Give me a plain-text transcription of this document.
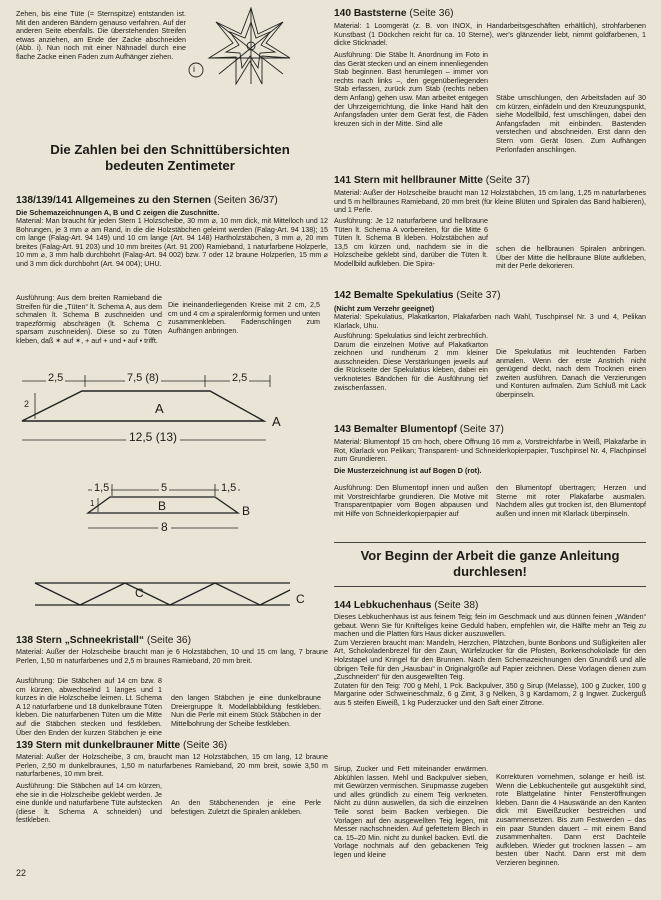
Zehen, bis eine Tüte (= Sternspitze) entstanden ist. Mit den anderen Bändern genauso verfahren. Auf der anderen Seite ebenfalls. Die überstehenden Streifen etwas anziehen, am Ende der Zacke abschneiden (Abb. i). Nun noch mit einer Nähnadel durch eine flache Zacke einen Faden zum Aufhänger ziehen.
i
Die Zahlen bei den Schnittübersichten bedeuten Zentimeter
138/139/141 Allgemeines zu den Sternen (Seiten 36/37)
Die Schemazeichnungen A, B und C zeigen die Zuschnitte.
Material: Man braucht für jeden Stern 1 Holzscheibe, 30 mm ⌀, 10 mm dick, mit Mittelloch und 12 Bohrungen, je 3 mm ⌀ am Rand, in die die Holzstäbchen geleimt werden (Falag-Art. 94 138); 15 cm lange (Falag-Art. 94 149) und 10 cm lange (Art. 94 148) Hartholzstäbchen, 3 mm ⌀, 20 mm breites (Falag-Art. 91 203) und 10 mm breites (Art. 91 200) Ramieband, 1 naturfarbene Holzperle, 10 mm ⌀, 3 mm halb durchbohrt (Falag-Art. 94 002) bzw. 7 oder 12 braune Holzperlen, 15 mm ⌀ und 3 mm dick durchbohrt (Art. 94 004); UHU.
Ausführung: Aus dem breiten Ramieband die Streifen für die „Tüten“ lt. Schema A, aus dem schmalen lt. Schema B zuschneiden und trapezförmig abschrägen (lt. Schema C sparsam zuschneiden). Diese so zu Tüten kleben, daß ✶ auf ✶, + auf + und • auf • trifft.
Die ineinanderliegenden Kreise mit 2 cm, 2,5 cm und 4 cm ⌀ spiralenförmig formen und unten zusammenkleben. Fadenschlingen zum Aufhängen anbringen.
2,5	7,5 (8)	2,5
2	A
A
12,5 (13)
1,5	5	1,5
1	B	B
8
C	C
138 Stern „Schneekristall“ (Seite 36)
Material: Außer der Holzscheibe braucht man je 6 Holzstäbchen, 10 und 15 cm lang, 7 braune Perlen, 1,50 m naturfarbenes und 2,5 m braunes Ramieband, 20 mm breit.
Ausführung: Die Stäbchen auf 14 cm bzw. 8 cm kürzen, abwechselnd 1 langes und 1 kurzes in die Holzscheibe leimen. Lt. Schema A 12 naturfarbene und 18 dunkelbraune Tüten kleben. Die naturfarbenen Tüten um die Mitte auf die Stäbchen stecken und festkleben. Über den Enden der kurzen Stäbchen je eine
den langen Stäbchen je eine dunkelbraune Dreiergruppe lt. Modellabbildung festkleben. Nun die Perle mit einem Stück Stäbchen in der Mittelbohrung der Scheibe festkleben.
139 Stern mit dunkelbrauner Mitte (Seite 36)
Material: Außer der Holzscheibe, 3 cm, braucht man 12 Holzstäbchen, 15 cm lang, 12 braune Perlen, 2,50 m dunkelbraunes, 1,50 m naturfarbenes Ramieband, 20 mm breit, sowie 3,50 m naturfarbenes, 10 mm breit.
Ausführung: Die Stäbchen auf 14 cm kürzen, ehe sie in die Holzscheibe geklebt werden. Je eine dunkle und naturfarbene Tüte aufstecken (diese lt. Schema A schneiden) und festkleben.
An den Stäbchenenden je eine Perle befestigen. Zuletzt die Spiralen ankleben.
22
140 Baststerne (Seite 36)
Material: 1 Loomgerät (z. B. von INOX, in Handarbeitsgeschäften erhältlich), strohfarbenen Kunstbast (1 Döckchen reicht für ca. 10 Sterne), wer's glänzender liebt, nimmt goldfarbenen, 1 dicke Sticknadel.
Ausführung: Die Stäbe lt. Anordnung im Foto in das Gerät stecken und an einem innenliegenden Stab beginnen. Bast herumlegen – immer von rechts nach links –, den gegenüberliegenden Stab erfassen, zurück zum Stab (rechts neben dem Anfang) gehen usw. Man arbeitet entgegen der Uhrzeigerrichtung, die linke Hand hält den Anfangsfaden unter dem Gerät fest, die Fäden kreuzen sich in der Mitte. Sind alle
Stäbe umschlungen, den Arbeitsfaden auf 30 cm kürzen, einfädeln und den Kreuzungspunkt, siehe Modellbild, fest umschlingen, dabei den Anfangsfaden mit einbinden. Bastenden verstechen und abschneiden. Erst dann den Stern vom Gerät lösen. Zum Aufhängen Perlonfaden anschlingen.
141 Stern mit hellbrauner Mitte (Seite 37)
Material: Außer der Holzscheibe braucht man 12 Holzstäbchen, 15 cm lang, 1,25 m naturfarbenes und 5 m hellbraunes Ramieband, 20 mm breit (für kleine Blüten und Spiralen das Band halbieren), und 1 Perle.
Ausführung: Je 12 naturfarbene und hellbraune Tüten lt. Schema A vorbereiten, für die Mitte 6 Tüten lt. Schema B kleben. Holzstäbchen auf 13,5 cm kürzen und, nachdem sie in die Holzscheibe geklebt sind, darüber die Tüten lt. Modellbild aufkleben. Die Spira-
schen die hellbraunen Spiralen anbringen. Über der Mitte die hellbraune Blüte aufkleben, mit der Perle dekorieren.
142 Bemalte Spekulatius (Seite 37)
(Nicht zum Verzehr geeignet)
Material: Spekulatius, Plakatkarton, Plakafarben nach Wahl, Tuschpinsel Nr. 3 und 4, Pelikan Klarlack, Uhu.
Ausführung: Spekulatius sind leicht zerbrechlich. Darum die einzelnen Motive auf Plakatkarton zeichnen und rundherum 2 mm kleiner ausschneiden. Diese Verstärkungen jeweils auf die Rückseite der Spekulatius kleben, dabei ein verknotetes Bändchen für die Ausführung tief zwischenfassen.
Die Spekulatius mit leuchtenden Farben anmalen. Wenn der erste Anstrich nicht genügend deckt, nach dem Trocknen einen zweiten ausführen. Danach die Verzierungen und Konturen aufmalen. Zum Schluß mit Lack überpinseln.
143 Bemalter Blumentopf (Seite 37)
Material: Blumentopf 15 cm hoch, obere Öffnung 16 mm ⌀, Vorstreichfarbe in Weiß, Plakafarbe in Rot, Klarlack von Pelikan; Transparent- und Schneiderkopierpapier, Tuschpinsel Nr. 4, Flachpinsel zum Grundieren.
Die Musterzeichnung ist auf Bogen D (rot).
Ausführung: Den Blumentopf innen und außen mit Vorstreichfarbe grundieren. Die Motive mit Transparentpapier vom Bogen abpausen und mit Hilfe von Schneiderkopierpapier auf
den Blumentopf übertragen; Herzen und Sterne mit roter Plakafarbe ausmalen. Nachdem alles gut trocken ist, den Blumentopf außen und innen mit Klarlack überpinseln.
Vor Beginn der Arbeit die ganze Anleitung durchlesen!
144 Lebkuchenhaus (Seite 38)
Dieses Lebkuchenhaus ist aus feinem Teig; fein im Geschmack und aus dünnen feinen „Wänden“ gebaut. Wenn Sie für Knifteliges keine Geduld haben, empfehlen wir, die Hälfte mehr an Teig zu machen und die Platten fürs Haus dicker auszuwellen.
Zum Verzieren braucht man: Mandeln, Herzchen, Plätzchen, bunte Bonbons und Süßigkeiten aller Art, Schokoladenbrezel für den Zaun, Würfelzucker für die Pfosten, Borkenschokolade für den Holzstapel und Kringel für den Brunnen. Nach dem Schemazeichnungen den Grundriß und alle übrigen Teile für den „Hausbau“ in Originalgröße auf Papier zeichnen. Diese Vorlagen dienen zum „Zuschneiden“ für den ausgewellten Teig.
Zutaten für den Teig: 700 g Mehl, 1 Pck. Backpulver, 350 g Sirup (Melasse), 100 g Zucker, 100 g Margarine oder Schweineschmalz, 6 g Zimt, 3 g Nelken, 3 g Kardamom, 2 g Ingwer. Zuckerguß aus 5 steifen Eiweiß, 1 kg Puderzucker und den Saft einer Zitrone.
Sirup, Zucker und Fett miteinander erwärmen. Abkühlen lassen. Mehl und Backpulver sieben, mit Gewürzen vermischen. Sirupmasse zugeben und alles gründlich zu einem Teig verkneten. Nicht zu dünn auswellen, da sich die einzelnen Teile sonst beim Backen verbiegen. Die Vorlagen auf den ausgewellten Teig legen, mit Messer nachschneiden. Auf gefettetem Blech in ca. 15–20 Min. nicht zu dunkel backen. Evtl. die Vorlage nochmals auf den gebackenen Teig legen und kleine
Korrekturen vornehmen, solange er heiß ist. Wenn die Lebkuchenteile gut ausgekühlt sind, rote Blattgelatine hinter Fensteröffnungen kleben. Dann die 4 Hauswände an den Kanten dick mit Eiweißzucker bestreichen und zusammensetzen. Bis zum Festwerden – das ein paar Stunden dauert – mit einem Band zusammenhalten. Dann erst Dachteile aufkleben. Wieder gut trocknen lassen – am besten über Nacht. Dann erst mit dem Verzieren beginnen.
